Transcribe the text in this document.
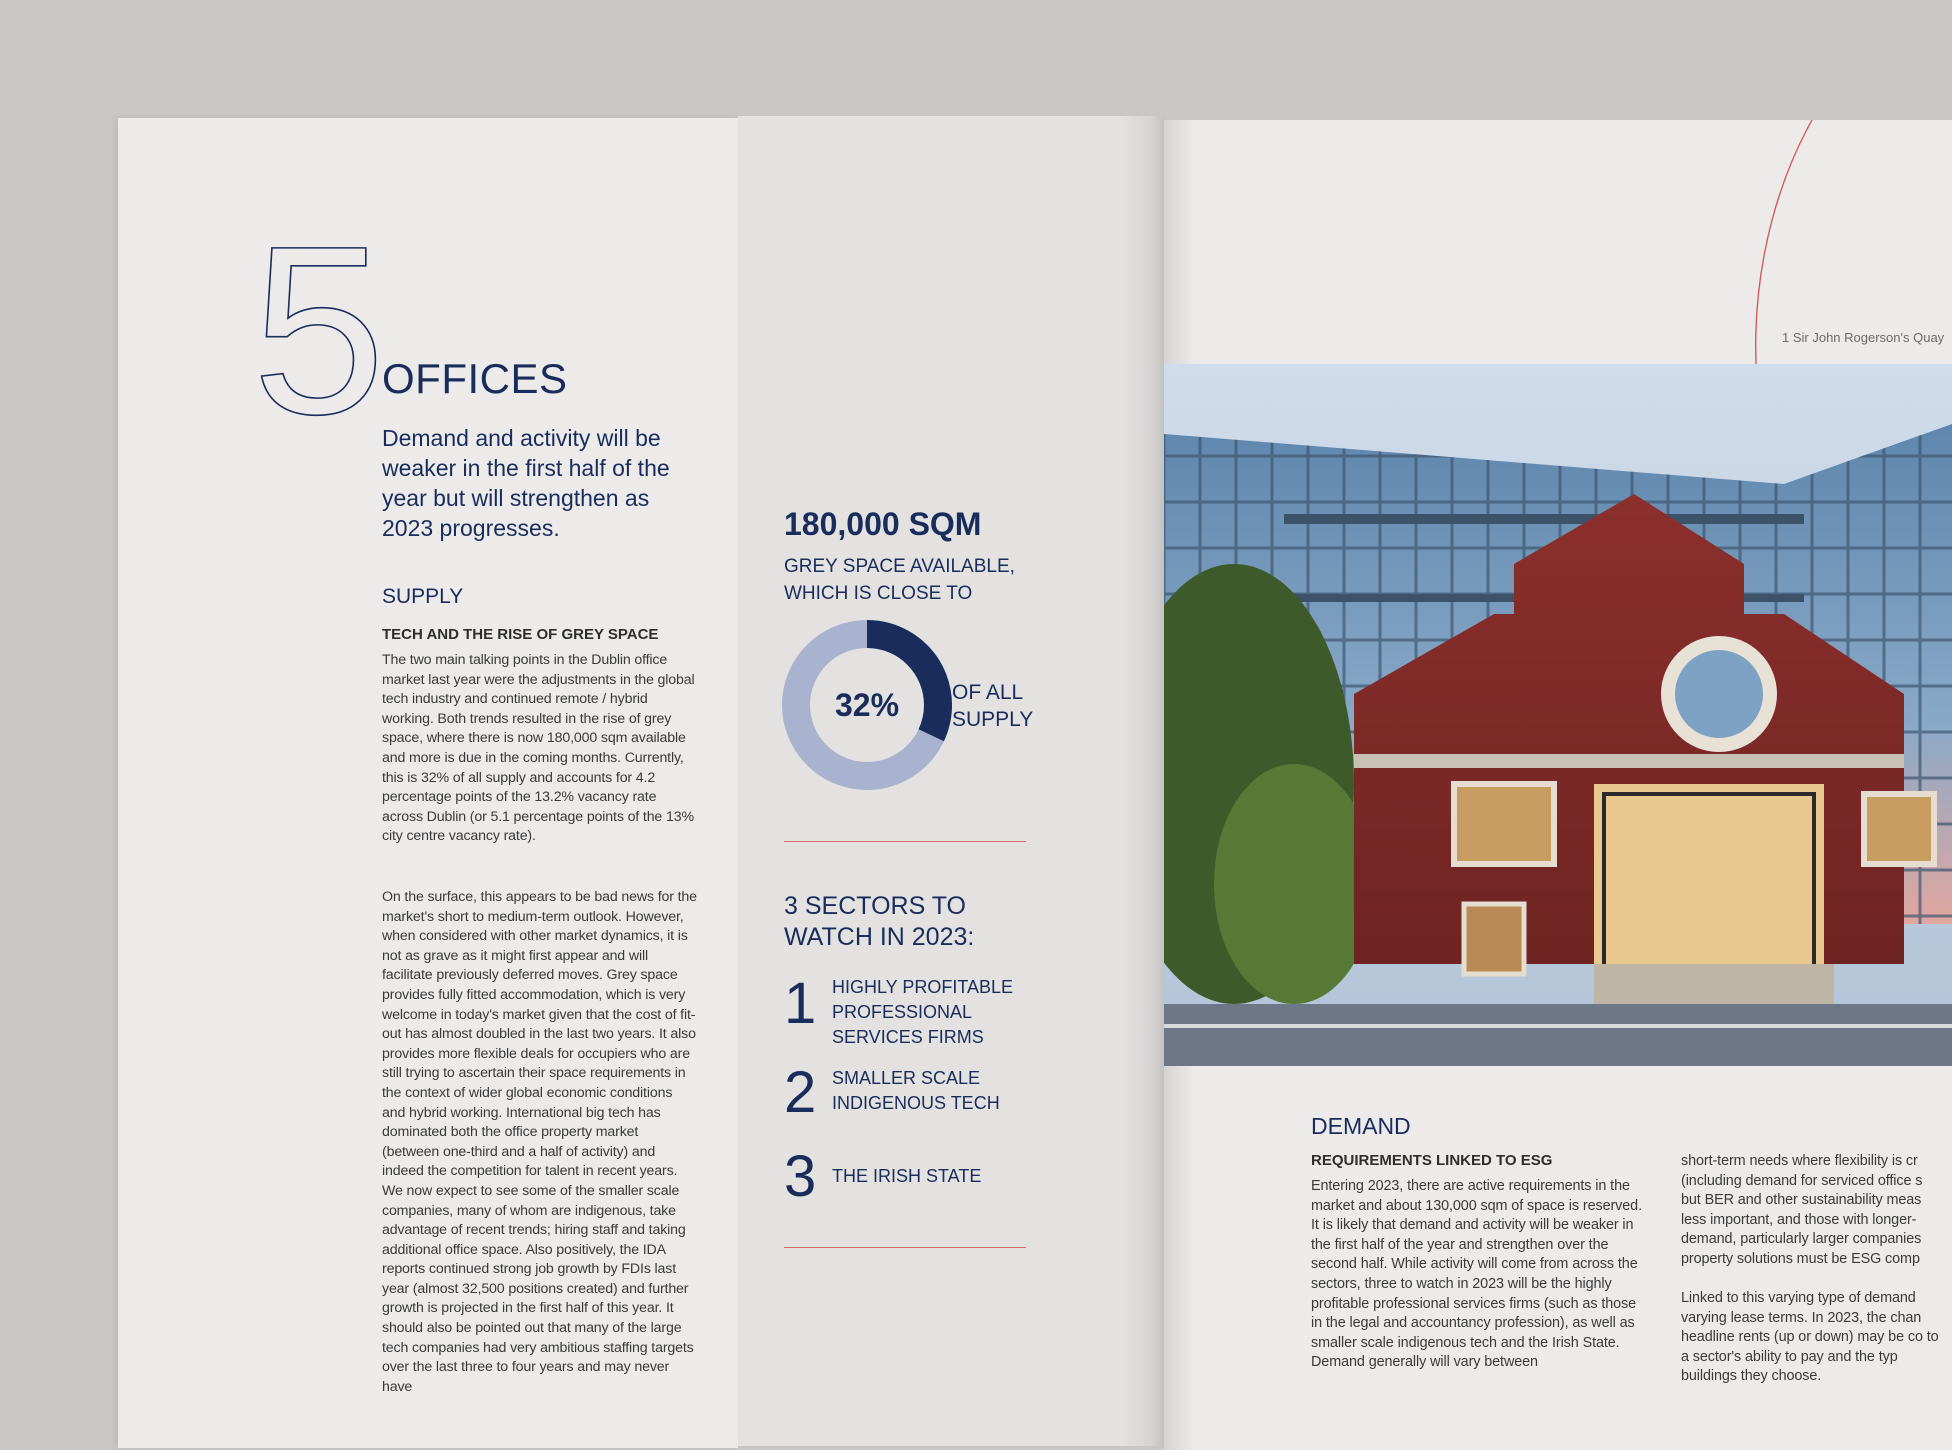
5
OFFICES
Demand and activity will be weaker in the first half of the year but will strengthen as 2023 progresses.
SUPPLY
TECH AND THE RISE OF GREY SPACE
The two main talking points in the Dublin office market last year were the adjustments in the global tech industry and continued remote / hybrid working. Both trends resulted in the rise of grey space, where there is now 180,000 sqm available and more is due in the coming months. Currently, this is 32% of all supply and accounts for 4.2 percentage points of the 13.2% vacancy rate across Dublin (or 5.1 percentage points of the 13% city centre vacancy rate).
On the surface, this appears to be bad news for the market's short to medium-term outlook. However, when considered with other market dynamics, it is not as grave as it might first appear and will facilitate previously deferred moves. Grey space provides fully fitted accommodation, which is very welcome in today's market given that the cost of fit-out has almost doubled in the last two years. It also provides more flexible deals for occupiers who are still trying to ascertain their space requirements in the context of wider global economic conditions and hybrid working. International big tech has dominated both the office property market (between one-third and a half of activity) and indeed the competition for talent in recent years. We now expect to see some of the smaller scale companies, many of whom are indigenous, take advantage of recent trends; hiring staff and taking additional office space. Also positively, the IDA reports continued strong job growth by FDIs last year (almost 32,500 positions created) and further growth is projected in the first half of this year. It should also be pointed out that many of the large tech companies had very ambitious staffing targets over the last three to four years and may never have
180,000 SQM
GREY SPACE AVAILABLE, WHICH IS CLOSE TO
32%	OF ALL SUPPLY
3 SECTORS TO WATCH IN 2023:
1 HIGHLY PROFITABLE PROFESSIONAL SERVICES FIRMS
2 SMALLER SCALE INDIGENOUS TECH
3 THE IRISH STATE
1 Sir John Rogerson's Quay
DEMAND
REQUIREMENTS LINKED TO ESG
Entering 2023, there are active requirements in the market and about 130,000 sqm of space is reserved. It is likely that demand and activity will be weaker in the first half of the year and strengthen over the second half. While activity will come from across the sectors, three to watch in 2023 will be the highly profitable professional services firms (such as those in the legal and accountancy profession), as well as smaller scale indigenous tech and the Irish State. Demand generally will vary between
short-term needs where flexibility is cr (including demand for serviced office s but BER and other sustainability meas less important, and those with longer- demand, particularly larger companies property solutions must be ESG comp
Linked to this varying type of demand varying lease terms. In 2023, the chan headline rents (up or down) may be co to a sector's ability to pay and the typ buildings they choose.
